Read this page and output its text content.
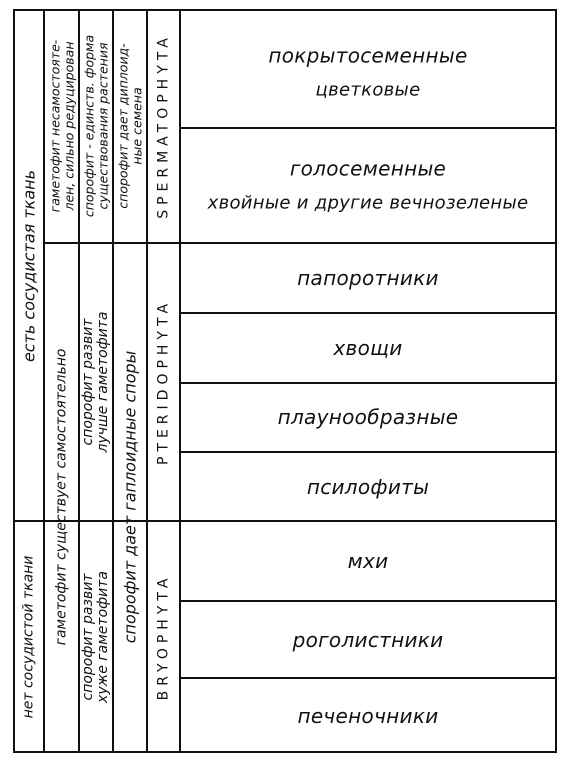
есть сосудистая ткань
нет сосудистой ткани
гаметофит несамостояте-
лен, сильно редуцирован
гаметофит существует самостоятельно
спорофит - единств. форма
существования растения
спорофит развит
лучше гаметофита
спорофит развит
хуже гаметофита
спорофит дает диплоид-
ные семена
спорофит дает гаплоидные споры
SPERMATOPHYTA
PTERIDOPHYTA
BRYOPHYTA
покрытосеменные
цветковые
голосеменные
хвойные и другие вечнозеленые
папоротники
хвощи
плаунообразные
псилофиты
мхи
роголистники
печеночники
